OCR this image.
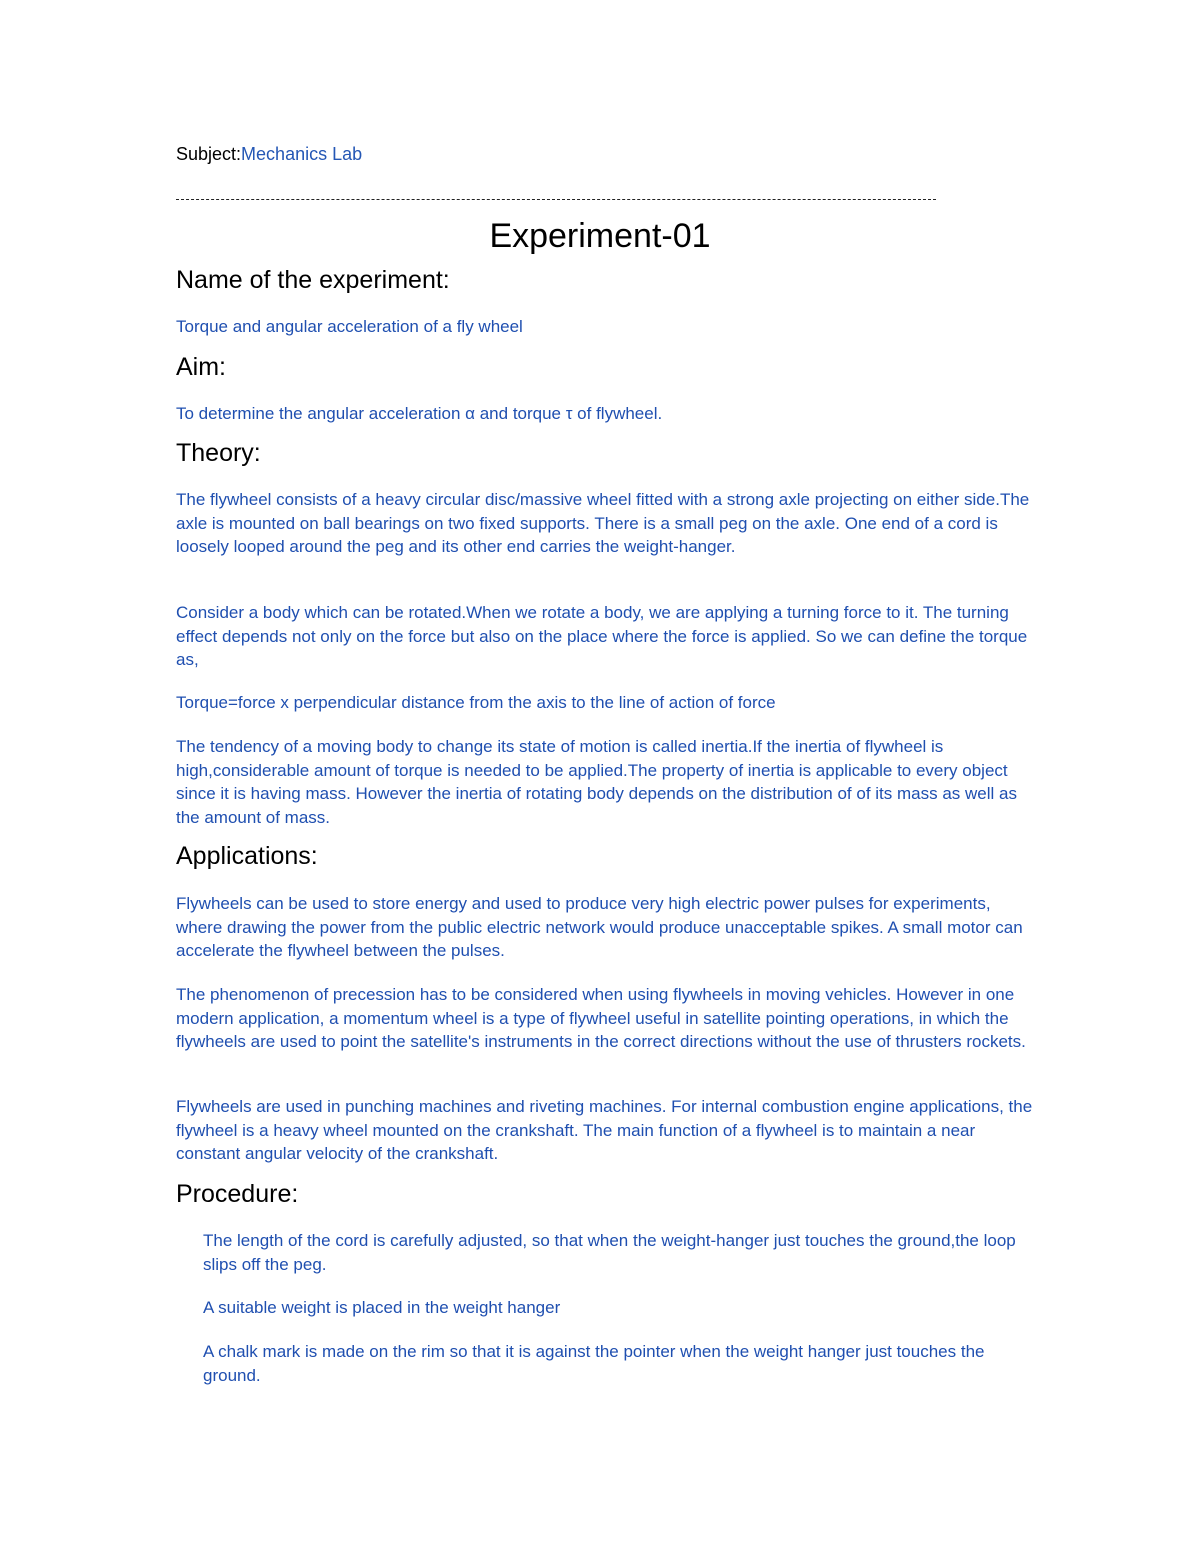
Subject:Mechanics Lab
Experiment-01
Name of the experiment:
Torque and angular acceleration of a fly wheel
Aim:
To determine the angular acceleration α and torque τ of flywheel.
Theory:
The flywheel consists of a heavy circular disc/massive wheel fitted with a strong axle projecting on either side.The axle is mounted on ball bearings on two fixed supports. There is a small peg on the axle. One end of a cord is loosely looped around the peg and its other end carries the weight-hanger.
Consider a body which can be rotated.When we rotate a body, we are applying a turning force to it. The turning effect depends not only on the force but also on the place where the force is applied. So we can define the torque as,
Torque=force x perpendicular distance from the axis to the line of action of force
The tendency of a moving body to change its state of motion is called inertia.If the inertia of flywheel is high,considerable amount of torque is needed to be applied.The property of inertia is applicable to every object since it is having mass. However the inertia of rotating body depends on the distribution of of its mass as well as the amount of mass.
Applications:
Flywheels can be used to store energy and used to produce very high electric power pulses for experiments, where drawing the power from the public electric network would produce unacceptable spikes. A small motor can accelerate the flywheel between the pulses.
The phenomenon of precession has to be considered when using flywheels in moving vehicles. However in one modern application, a momentum wheel is a type of flywheel useful in satellite pointing operations, in which the flywheels are used to point the satellite's instruments in the correct directions without the use of thrusters rockets.
Flywheels are used in punching machines and riveting machines. For internal combustion engine applications, the flywheel is a heavy wheel mounted on the crankshaft. The main function of a flywheel is to maintain a near constant angular velocity of the crankshaft.
Procedure:
The length of the cord is carefully adjusted, so that when the weight-hanger just touches the ground,the loop slips off the peg.
A suitable weight is placed in the weight hanger
A chalk mark is made on the rim so that it is against the pointer when the weight hanger just touches the ground.
